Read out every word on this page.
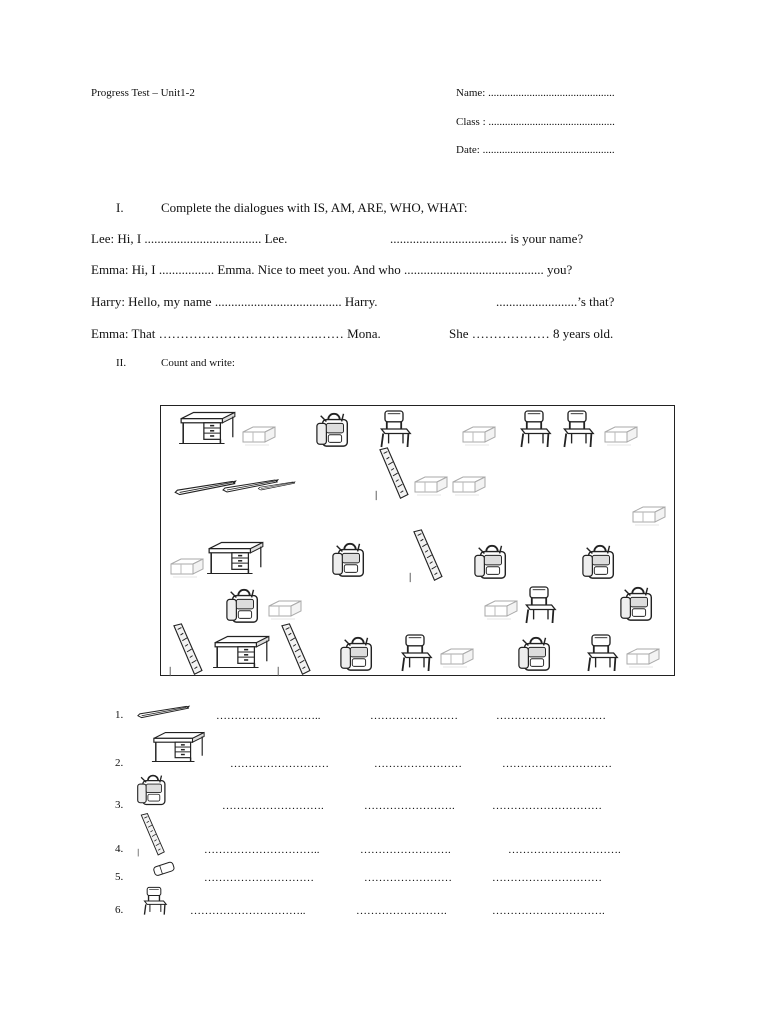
Progress Test – Unit1-2	Name: ..............................................
Class : ..............................................
Date: ................................................
I.	Complete the dialogues with IS, AM, ARE, WHO, WHAT:
Lee: Hi, I .................................... Lee.	.................................... is your name?
Emma: Hi, I ................. Emma. Nice to meet you. And who ........................................... you?
Harry: Hello, my name ....................................... Harry.	.........................’s that?
Emma: That ……………………………….…… Mona.	She ……………… 8 years old.
II.	Count and write:
1.	………………………..	……………………	…………………………
2.	………………………	……………………	…………………………
3.	……………………….	…………………….	…………………………
4.	…………………………..	…………………….	………………………….
5.	…………………………	……………………	…………………………
6.	…………………………..	…………………….	………………………….
